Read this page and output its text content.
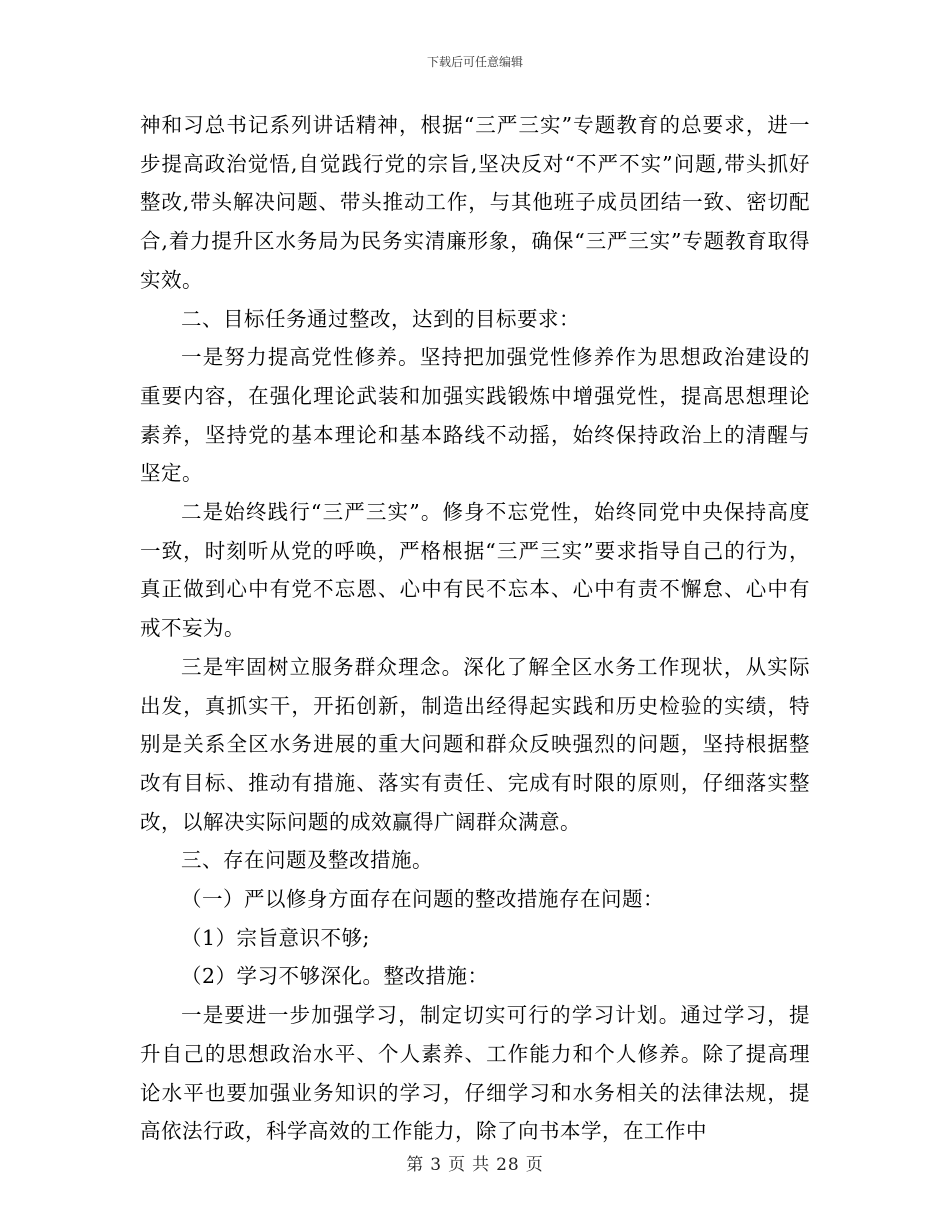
下载后可任意编辑

神和习总书记系列讲话精神，根据“三严三实”专题教育的总要求，进一步提高政治觉悟,自觉践行党的宗旨,坚决反对“不严不实”问题,带头抓好整改,带头解决问题、带头推动工作，与其他班子成员团结一致、密切配合,着力提升区水务局为民务实清廉形象，确保“三严三实”专题教育取得实效。

二、目标任务通过整改，达到的目标要求：

一是努力提高党性修养。坚持把加强党性修养作为思想政治建设的重要内容，在强化理论武装和加强实践锻炼中增强党性，提高思想理论素养，坚持党的基本理论和基本路线不动摇，始终保持政治上的清醒与坚定。

二是始终践行“三严三实”。修身不忘党性，始终同党中央保持高度一致，时刻听从党的呼唤，严格根据“三严三实”要求指导自己的行为，真正做到心中有党不忘恩、心中有民不忘本、心中有责不懈怠、心中有戒不妄为。

三是牢固树立服务群众理念。深化了解全区水务工作现状，从实际出发，真抓实干，开拓创新，制造出经得起实践和历史检验的实绩，特别是关系全区水务进展的重大问题和群众反映强烈的问题，坚持根据整改有目标、推动有措施、落实有责任、完成有时限的原则，仔细落实整改，以解决实际问题的成效赢得广阔群众满意。

三、存在问题及整改措施。

（一）严以修身方面存在问题的整改措施存在问题：

（1）宗旨意识不够;

（2）学习不够深化。整改措施：

一是要进一步加强学习，制定切实可行的学习计划。通过学习，提升自己的思想政治水平、个人素养、工作能力和个人修养。除了提高理论水平也要加强业务知识的学习，仔细学习和水务相关的法律法规，提高依法行政，科学高效的工作能力，除了向书本学，在工作中

第 3 页 共 28 页
